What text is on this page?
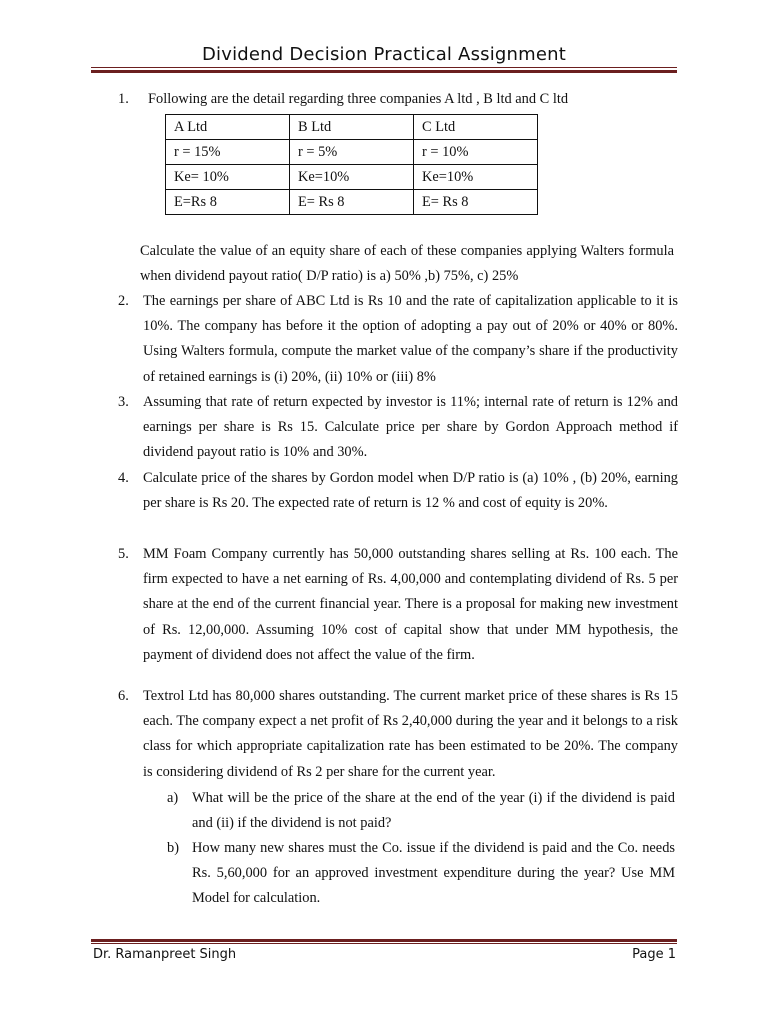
Dividend Decision Practical Assignment
1. Following are the detail regarding three companies A ltd , B ltd and C ltd
A Ltd	B Ltd	C Ltd
r = 15%	r = 5%	r = 10%
Ke= 10%	Ke=10%	Ke=10%
E=Rs 8	E= Rs 8	E= Rs 8
Calculate the value of an equity share of each of these companies applying Walters formula when dividend payout ratio( D/P ratio) is a) 50% ,b) 75%, c) 25%
2. The earnings per share of ABC Ltd is Rs 10 and the rate of capitalization applicable to it is 10%. The company has before it the option of adopting a pay out of 20% or 40% or 80%. Using Walters formula, compute the market value of the company’s share if the productivity of retained earnings is (i) 20%, (ii) 10% or (iii) 8%
3. Assuming that rate of return expected by investor is 11%; internal rate of return is 12% and earnings per share is Rs 15. Calculate price per share by Gordon Approach method if dividend payout ratio is 10% and 30%.
4. Calculate price of the shares by Gordon model when D/P ratio is (a) 10% , (b) 20%, earning per share is Rs 20. The expected rate of return is 12 % and cost of equity is 20%.
5. MM Foam Company currently has 50,000 outstanding shares selling at Rs. 100 each. The firm expected to have a net earning of Rs. 4,00,000 and contemplating dividend of Rs. 5 per share at the end of the current financial year. There is a proposal for making new investment of Rs. 12,00,000. Assuming 10% cost of capital show that under MM hypothesis, the payment of dividend does not affect the value of the firm.
6. Textrol Ltd has 80,000 shares outstanding. The current market price of these shares is Rs 15 each. The company expect a net profit of Rs 2,40,000 during the year and it belongs to a risk class for which appropriate capitalization rate has been estimated to be 20%. The company is considering dividend of Rs 2 per share for the current year.
a) What will be the price of the share at the end of the year (i) if the dividend is paid and (ii) if the dividend is not paid?
b) How many new shares must the Co. issue if the dividend is paid and the Co. needs Rs. 5,60,000 for an approved investment expenditure during the year? Use MM Model for calculation.
Dr. Ramanpreet Singh	Page 1
